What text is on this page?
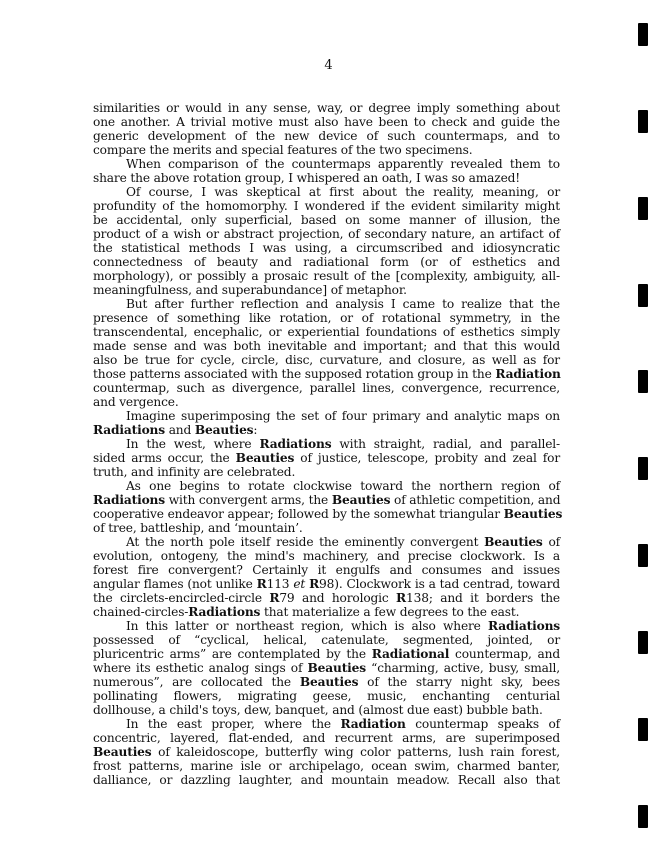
4
similarities or would in any sense, way, or degree imply something about
one another. A trivial motive must also have been to check and guide the
generic development of the new device of such countermaps, and to
compare the merits and special features of the two specimens.
When comparison of the countermaps apparently revealed them to
share the above rotation group, I whispered an oath, I was so amazed!
Of course, I was skeptical at first about the reality, meaning, or
profundity of the homomorphy. I wondered if the evident similarity might
be accidental, only superficial, based on some manner of illusion, the
product of a wish or abstract projection, of secondary nature, an artifact of
the statistical methods I was using, a circumscribed and idiosyncratic
connectedness of beauty and radiational form (or of esthetics and
morphology), or possibly a prosaic result of the [complexity, ambiguity, all-
meaningfulness, and superabundance] of metaphor.
But after further reflection and analysis I came to realize that the
presence of something like rotation, or of rotational symmetry, in the
transcendental, encephalic, or experiential foundations of esthetics simply
made sense and was both inevitable and important; and that this would
also be true for cycle, circle, disc, curvature, and closure, as well as for
those patterns associated with the supposed rotation group in the Radiation
countermap, such as divergence, parallel lines, convergence, recurrence,
and vergence.
Imagine superimposing the set of four primary and analytic maps on
Radiations and Beauties:
In the west, where Radiations with straight, radial, and parallel-
sided arms occur, the Beauties of justice, telescope, probity and zeal for
truth, and infinity are celebrated.
As one begins to rotate clockwise toward the northern region of
Radiations with convergent arms, the Beauties of athletic competition, and
cooperative endeavor appear; followed by the somewhat triangular Beauties
of tree, battleship, and ‘mountain’.
At the north pole itself reside the eminently convergent Beauties of
evolution, ontogeny, the mind's machinery, and precise clockwork. Is a
forest fire convergent? Certainly it engulfs and consumes and issues
angular flames (not unlike R113 et R98). Clockwork is a tad centrad, toward
the circlets-encircled-circle R79 and horologic R138; and it borders the
chained-circles-Radiations that materialize a few degrees to the east.
In this latter or northeast region, which is also where Radiations
possessed of “cyclical, helical, catenulate, segmented, jointed, or
pluricentric arms” are contemplated by the Radiational countermap, and
where its esthetic analog sings of Beauties “charming, active, busy, small,
numerous”, are collocated the Beauties of the starry night sky, bees
pollinating flowers, migrating geese, music, enchanting centurial
dollhouse, a child's toys, dew, banquet, and (almost due east) bubble bath.
In the east proper, where the Radiation countermap speaks of
concentric, layered, flat-ended, and recurrent arms, are superimposed
Beauties of kaleidoscope, butterfly wing color patterns, lush rain forest,
frost patterns, marine isle or archipelago, ocean swim, charmed banter,
dalliance, or dazzling laughter, and mountain meadow. Recall also that
